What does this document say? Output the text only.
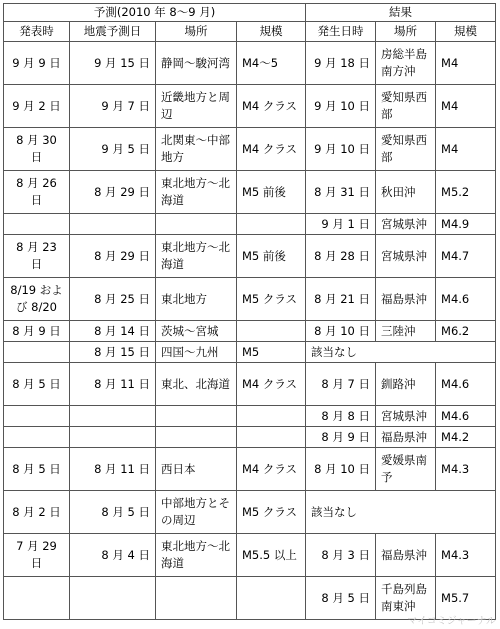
予測(2010 年 8～9 月)				結果		
発表時	地震予測日	場所	規模	発生日時	場所	規模
9 月 9 日	9 月 15 日	静岡～駿河湾	M4～5	9 月 18 日	房総半島南方沖	M4
9 月 2 日	9 月 7 日	近畿地方と周辺	M4 クラス	9 月 10 日	愛知県西部	M4
8 月 30 日	9 月 5 日	北関東～中部地方	M4 クラス	9 月 10 日	愛知県西部	M4
8 月 26 日	8 月 29 日	東北地方～北海道	M5 前後	8 月 31 日	秋田沖	M5.2
				9 月 1 日	宮城県沖	M4.9
8 月 23 日	8 月 29 日	東北地方～北海道	M5 前後	8 月 28 日	宮城県沖	M4.7
8/19 および 8/20	8 月 25 日	東北地方	M5 クラス	8 月 21 日	福島県沖	M4.6
8 月 9 日	8 月 14 日	茨城～宮城		8 月 10 日	三陸沖	M6.2
	8 月 15 日	四国～九州	M5	該当なし		
8 月 5 日	8 月 11 日	東北、北海道	M4 クラス	8 月 7 日	釧路沖	M4.6
				8 月 8 日	宮城県沖	M4.6
				8 月 9 日	福島県沖	M4.2
8 月 5 日	8 月 11 日	西日本	M4 クラス	8 月 10 日	愛媛県南予	M4.3
8 月 2 日	8 月 5 日	中部地方とその周辺	M5 クラス	該当なし		
7 月 29 日	8 月 4 日	東北地方～北海道	M5.5 以上	8 月 3 日	福島県沖	M4.3
				8 月 5 日	千島列島南東沖	M5.7
マイコミジャーナル
